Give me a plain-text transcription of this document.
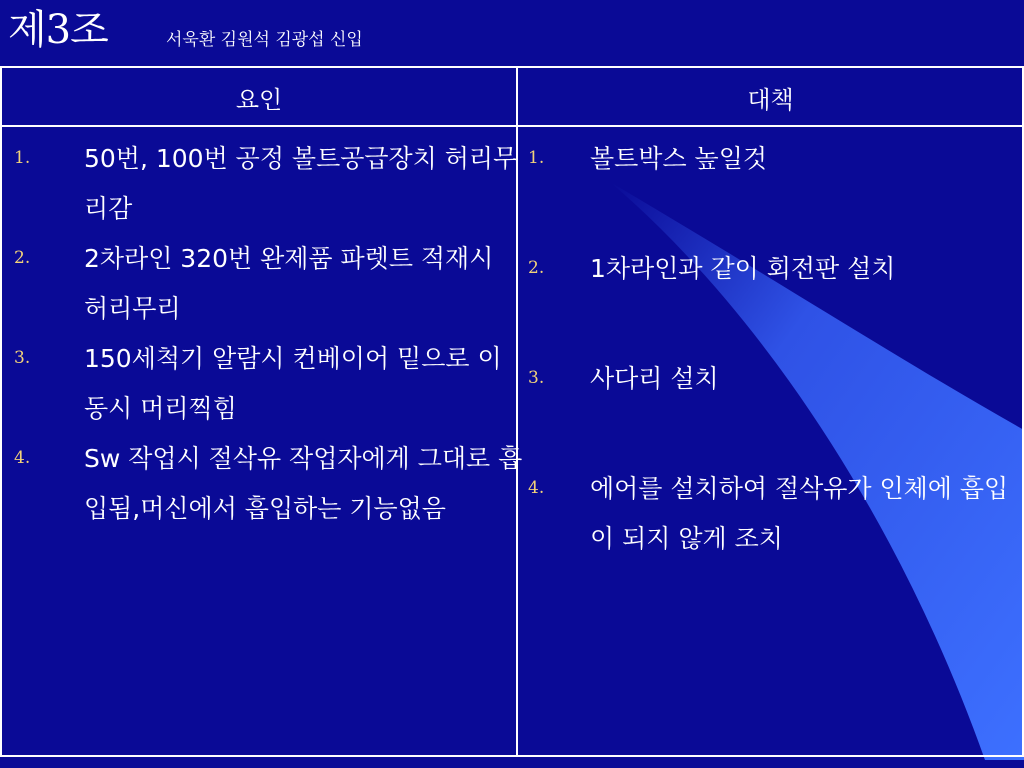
제3조	서욱환 김원석 김광섭 신입
요인	대책
1. 50번, 100번 공정 볼트공급장치 허리무리감
2. 2차라인 320번 완제품 파렛트 적재시 허리무리
3. 150세척기 알람시 컨베이어 밑으로 이동시 머리찍힘
4. Sw 작업시 절삭유 작업자에게 그대로 흡입됨,머신에서 흡입하는 기능없음
1. 볼트박스 높일것
2. 1차라인과 같이 회전판 설치
3. 사다리 설치
4. 에어를 설치하여 절삭유가 인체에 흡입이 되지 않게 조치
